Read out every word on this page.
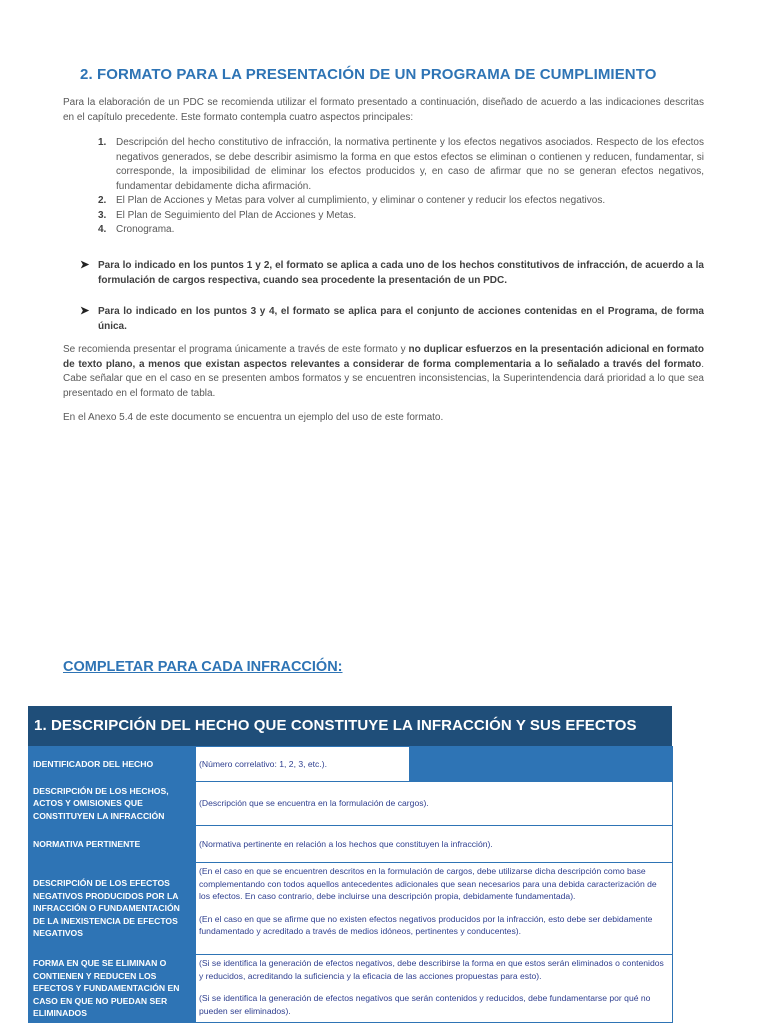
2. FORMATO PARA LA PRESENTACIÓN DE UN PROGRAMA DE CUMPLIMIENTO

Para la elaboración de un PDC se recomienda utilizar el formato presentado a continuación, diseñado de acuerdo a las indicaciones descritas en el capítulo precedente. Este formato contempla cuatro aspectos principales:

1. Descripción del hecho constitutivo de infracción, la normativa pertinente y los efectos negativos asociados. Respecto de los efectos negativos generados, se debe describir asimismo la forma en que estos efectos se eliminan o contienen y reducen, fundamentar, si corresponde, la imposibilidad de eliminar los efectos producidos y, en caso de afirmar que no se generan efectos negativos, fundamentar debidamente dicha afirmación.
2. El Plan de Acciones y Metas para volver al cumplimiento, y eliminar o contener y reducir los efectos negativos.
3. El Plan de Seguimiento del Plan de Acciones y Metas.
4. Cronograma.
➤ Para lo indicado en los puntos 1 y 2, el formato se aplica a cada uno de los hechos constitutivos de infracción, de acuerdo a la formulación de cargos respectiva, cuando sea procedente la presentación de un PDC.
➤ Para lo indicado en los puntos 3 y 4, el formato se aplica para el conjunto de acciones contenidas en el Programa, de forma única.

Se recomienda presentar el programa únicamente a través de este formato y no duplicar esfuerzos en la presentación adicional en formato de texto plano, a menos que existan aspectos relevantes a considerar de forma complementaria a lo señalado a través del formato. Cabe señalar que en el caso en se presenten ambos formatos y se encuentren inconsistencias, la Superintendencia dará prioridad a lo que sea presentado en el formato de tabla.

En el Anexo 5.4 de este documento se encuentra un ejemplo del uso de este formato.

COMPLETAR PARA CADA INFRACCIÓN:
1. DESCRIPCIÓN DEL HECHO QUE CONSTITUYE LA INFRACCIÓN Y SUS EFECTOS
IDENTIFICADOR DEL HECHO	(Número correlativo: 1, 2, 3, etc.).	
DESCRIPCIÓN DE LOS HECHOS, ACTOS Y OMISIONES QUE CONSTITUYEN LA INFRACCIÓN	(Descripción que se encuentra en la formulación de cargos).	
NORMATIVA PERTINENTE	(Normativa pertinente en relación a los hechos que constituyen la infracción).	
DESCRIPCIÓN DE LOS EFECTOS NEGATIVOS PRODUCIDOS POR LA INFRACCIÓN O FUNDAMENTACIÓN DE LA INEXISTENCIA DE EFECTOS NEGATIVOS	(En el caso en que se encuentren descritos en la formulación de cargos, debe utilizarse dicha descripción como base complementando con todos aquellos antecedentes adicionales que sean necesarios para una debida caracterización de los efectos. En caso contrario, debe incluirse una descripción propia, debidamente fundamentada).

(En el caso en que se afirme que no existen efectos negativos producidos por la infracción, esto debe ser debidamente fundamentado y acreditado a través de medios idóneos, pertinentes y conducentes).	

FORMA EN QUE SE ELIMINAN O CONTIENEN Y REDUCEN LOS EFECTOS Y FUNDAMENTACIÓN EN CASO EN QUE NO PUEDAN SER ELIMINADOS	(Si se identifica la generación de efectos negativos, debe describirse la forma en que estos serán eliminados o contenidos y reducidos, acreditando la suficiencia y la eficacia de las acciones propuestas para esto).

(Si se identifica la generación de efectos negativos que serán contenidos y reducidos, debe fundamentarse por qué no pueden ser eliminados).	
